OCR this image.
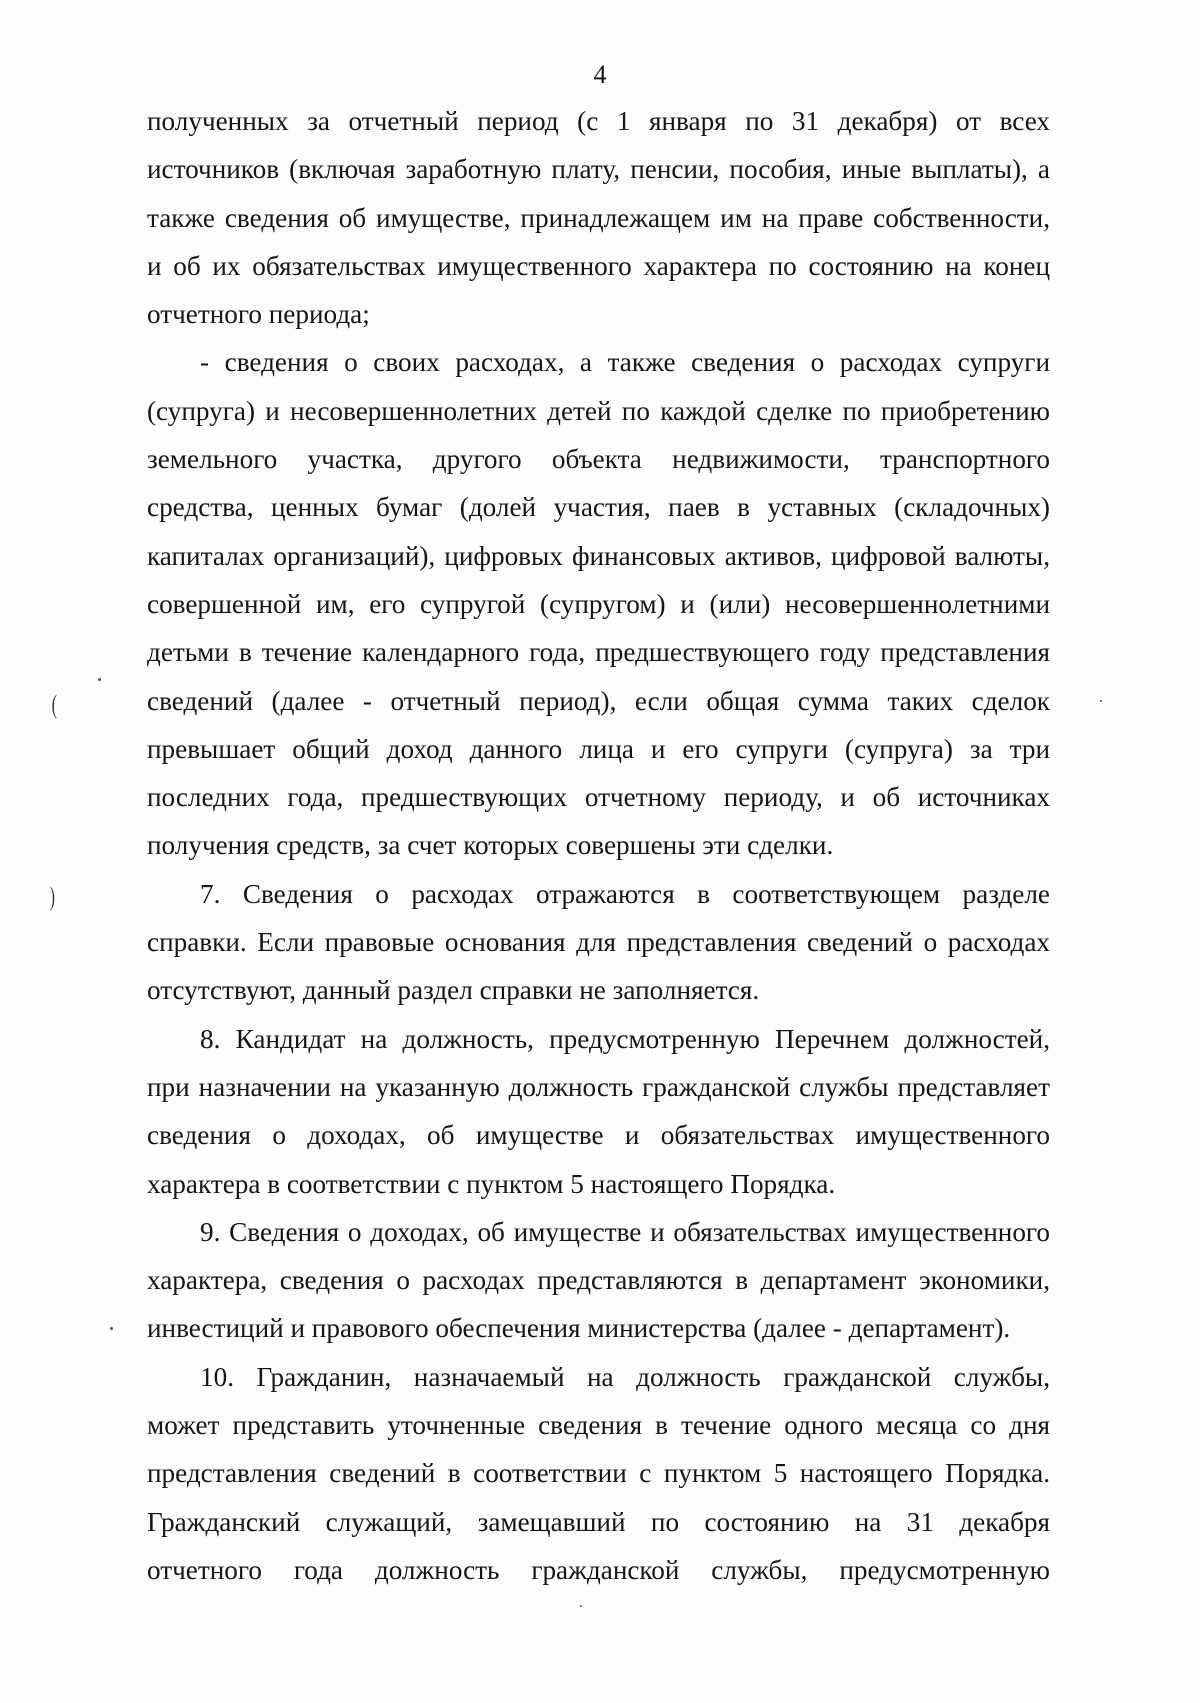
4
полученных за отчетный период (с 1 января по 31 декабря) от всех
источников (включая заработную плату, пенсии, пособия, иные выплаты), а
также сведения об имуществе, принадлежащем им на праве собственности,
и об их обязательствах имущественного характера по состоянию на конец
отчетного периода;
- сведения о своих расходах, а также сведения о расходах супруги
(супруга) и несовершеннолетних детей по каждой сделке по приобретению
земельного участка, другого объекта недвижимости, транспортного
средства, ценных бумаг (долей участия, паев в уставных (складочных)
капиталах организаций), цифровых финансовых активов, цифровой валюты,
совершенной им, его супругой (супругом) и (или) несовершеннолетними
детьми в течение календарного года, предшествующего году представления
сведений (далее - отчетный период), если общая сумма таких сделок
превышает общий доход данного лица и его супруги (супруга) за три
последних года, предшествующих отчетному периоду, и об источниках
получения средств, за счет которых совершены эти сделки.
7. Сведения о расходах отражаются в соответствующем разделе
справки. Если правовые основания для представления сведений о расходах
отсутствуют, данный раздел справки не заполняется.
8. Кандидат на должность, предусмотренную Перечнем должностей,
при назначении на указанную должность гражданской службы представляет
сведения о доходах, об имуществе и обязательствах имущественного
характера в соответствии с пунктом 5 настоящего Порядка.
9. Сведения о доходах, об имуществе и обязательствах имущественного
характера, сведения о расходах представляются в департамент экономики,
инвестиций и правового обеспечения министерства (далее - департамент).
10. Гражданин, назначаемый на должность гражданской службы,
может представить уточненные сведения в течение одного месяца со дня
представления сведений в соответствии с пунктом 5 настоящего Порядка.
Гражданский служащий, замещавший по состоянию на 31 декабря
отчетного года должность гражданской службы, предусмотренную
(
)
